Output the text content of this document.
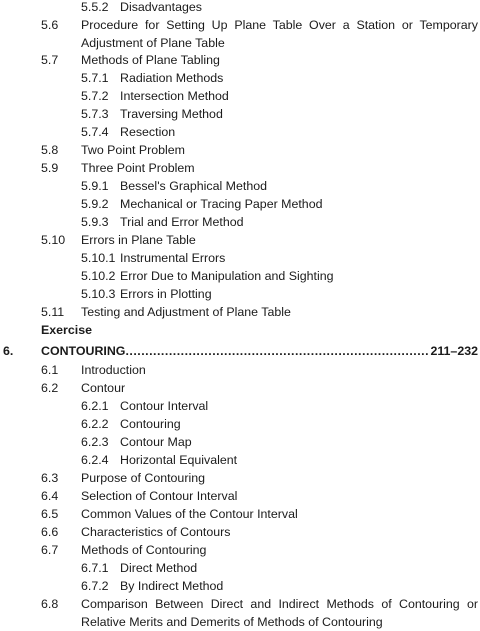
5.5.2 Disadvantages
5.6 Procedure for Setting Up Plane Table Over a Station or Temporary Adjustment of Plane Table
5.7 Methods of Plane Tabling
5.7.1 Radiation Methods
5.7.2 Intersection Method
5.7.3 Traversing Method
5.7.4 Resection
5.8 Two Point Problem
5.9 Three Point Problem
5.9.1 Bessel's Graphical Method
5.9.2 Mechanical or Tracing Paper Method
5.9.3 Trial and Error Method
5.10 Errors in Plane Table
5.10.1 Instrumental Errors
5.10.2 Error Due to Manipulation and Sighting
5.10.3 Errors in Plotting
5.11 Testing and Adjustment of Plane Table
Exercise
6. CONTOURING
.....	211–232
6.1 Introduction
6.2 Contour
6.2.1 Contour Interval
6.2.2 Contouring
6.2.3 Contour Map
6.2.4 Horizontal Equivalent
6.3 Purpose of Contouring
6.4 Selection of Contour Interval
6.5 Common Values of the Contour Interval
6.6 Characteristics of Contours
6.7 Methods of Contouring
6.7.1 Direct Method
6.7.2 By Indirect Method
6.8 Comparison Between Direct and Indirect Methods of Contouring or Relative Merits and Demerits of Methods of Contouring
